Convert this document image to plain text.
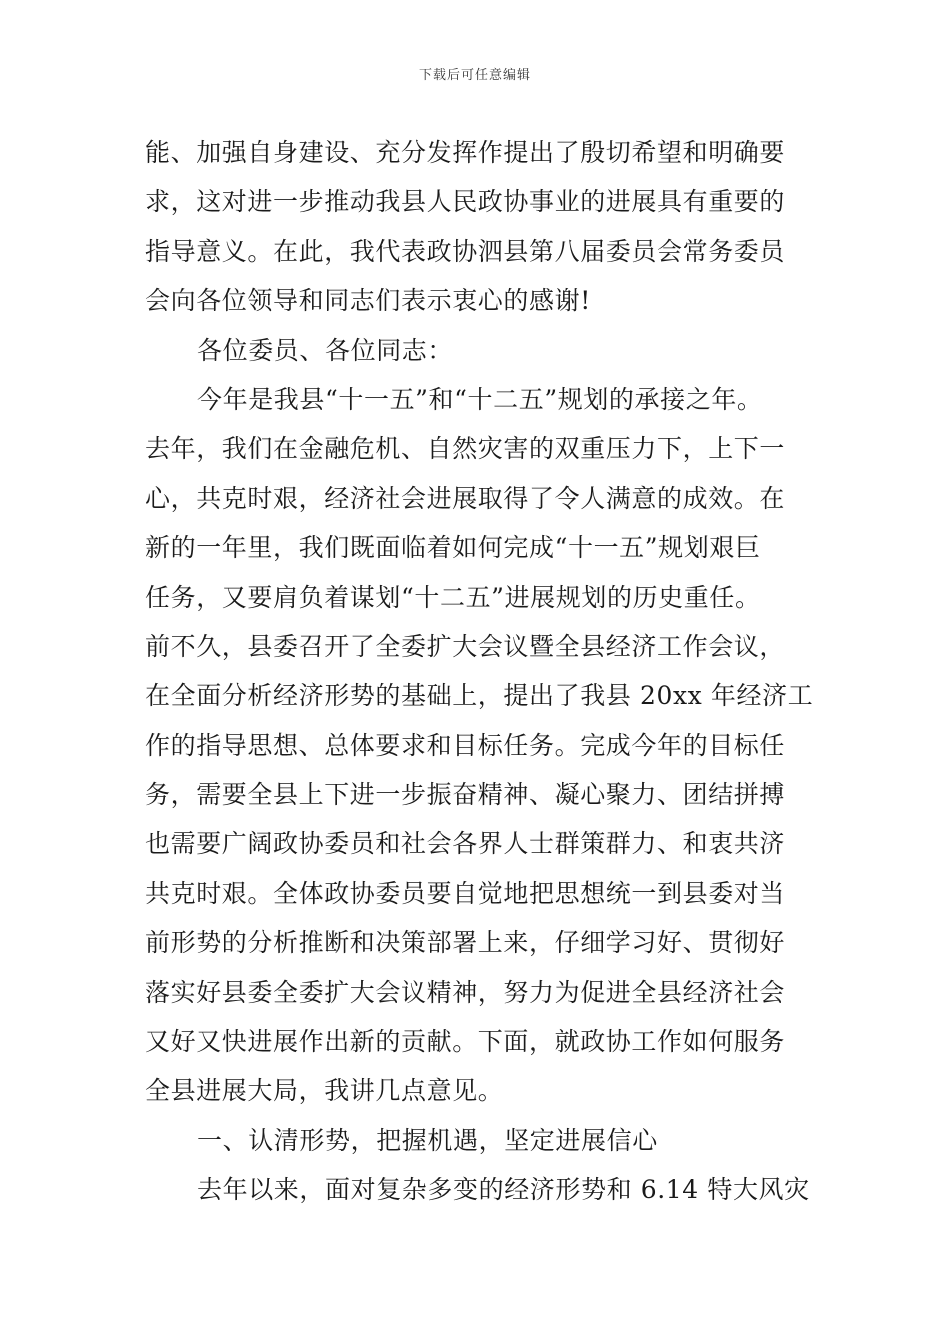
下载后可任意编辑
能、加强自身建设、充分发挥作提出了殷切希望和明确要
求，这对进一步推动我县人民政协事业的进展具有重要的
指导意义。在此，我代表政协泗县第八届委员会常务委员
会向各位领导和同志们表示衷心的感谢!
各位委员、各位同志：
今年是我县“十一五”和“十二五”规划的承接之年。
去年，我们在金融危机、自然灾害的双重压力下，上下一
心，共克时艰，经济社会进展取得了令人满意的成效。在
新的一年里，我们既面临着如何完成“十一五”规划艰巨
任务，又要肩负着谋划“十二五”进展规划的历史重任。
前不久，县委召开了全委扩大会议暨全县经济工作会议，
在全面分析经济形势的基础上，提出了我县 20xx 年经济工
作的指导思想、总体要求和目标任务。完成今年的目标任
务，需要全县上下进一步振奋精神、凝心聚力、团结拼搏
也需要广阔政协委员和社会各界人士群策群力、和衷共济
共克时艰。全体政协委员要自觉地把思想统一到县委对当
前形势的分析推断和决策部署上来，仔细学习好、贯彻好
落实好县委全委扩大会议精神，努力为促进全县经济社会
又好又快进展作出新的贡献。下面，就政协工作如何服务
全县进展大局，我讲几点意见。
一、认清形势，把握机遇，坚定进展信心
去年以来，面对复杂多变的经济形势和 6.14 特大风灾
